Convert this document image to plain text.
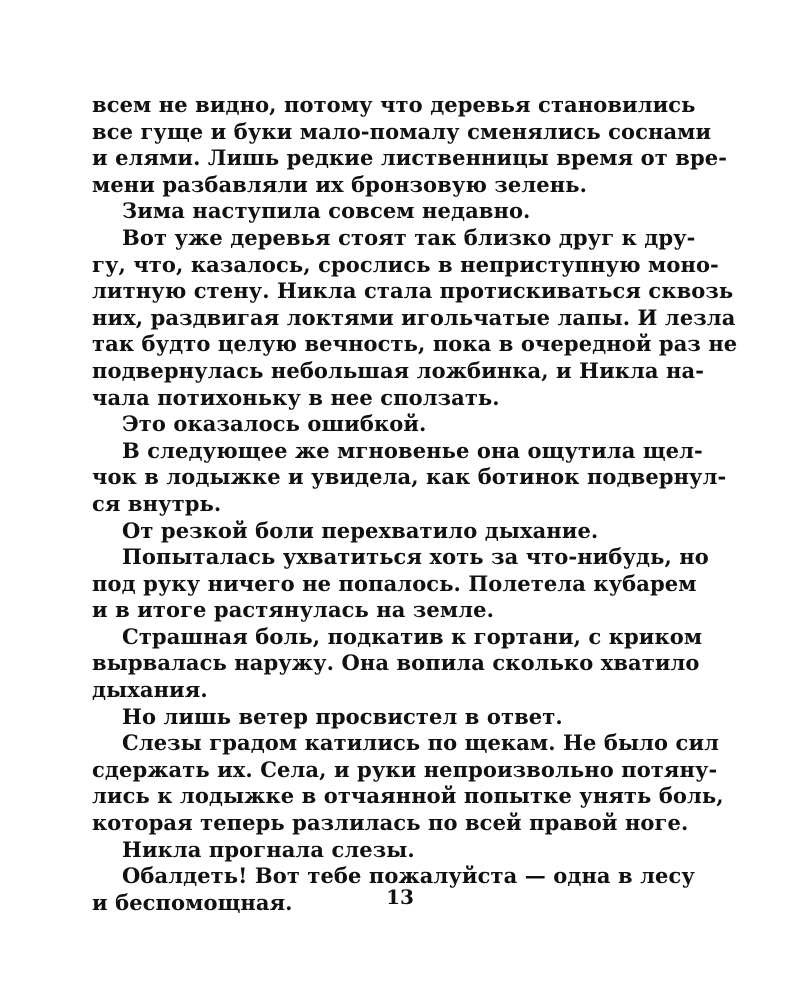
всем не видно, потому что деревья становились
все гуще и буки мало-помалу сменялись соснами
и елями. Лишь редкие лиственницы время от вре-
мени разбавляли их бронзовую зелень.
Зима наступила совсем недавно.
Вот уже деревья стоят так близко друг к дру-
гу, что, казалось, срослись в неприступную моно-
литную стену. Никла стала протискиваться сквозь
них, раздвигая локтями игольчатые лапы. И лезла
так будто целую вечность, пока в очередной раз не
подвернулась небольшая ложбинка, и Никла на-
чала потихоньку в нее сползать.
Это оказалось ошибкой.
В следующее же мгновенье она ощутила щел-
чок в лодыжке и увидела, как ботинок подвернул-
ся внутрь.
От резкой боли перехватило дыхание.
Попыталась ухватиться хоть за что-нибудь, но
под руку ничего не попалось. Полетела кубарем
и в итоге растянулась на земле.
Страшная боль, подкатив к гортани, с криком
вырвалась наружу. Она вопила сколько хватило
дыхания.
Но лишь ветер просвистел в ответ.
Слезы градом катились по щекам. Не было сил
сдержать их. Села, и руки непроизвольно потяну-
лись к лодыжке в отчаянной попытке унять боль,
которая теперь разлилась по всей правой ноге.
Никла прогнала слезы.
Обалдеть! Вот тебе пожалуйста — одна в лесу
и беспомощная.	13
